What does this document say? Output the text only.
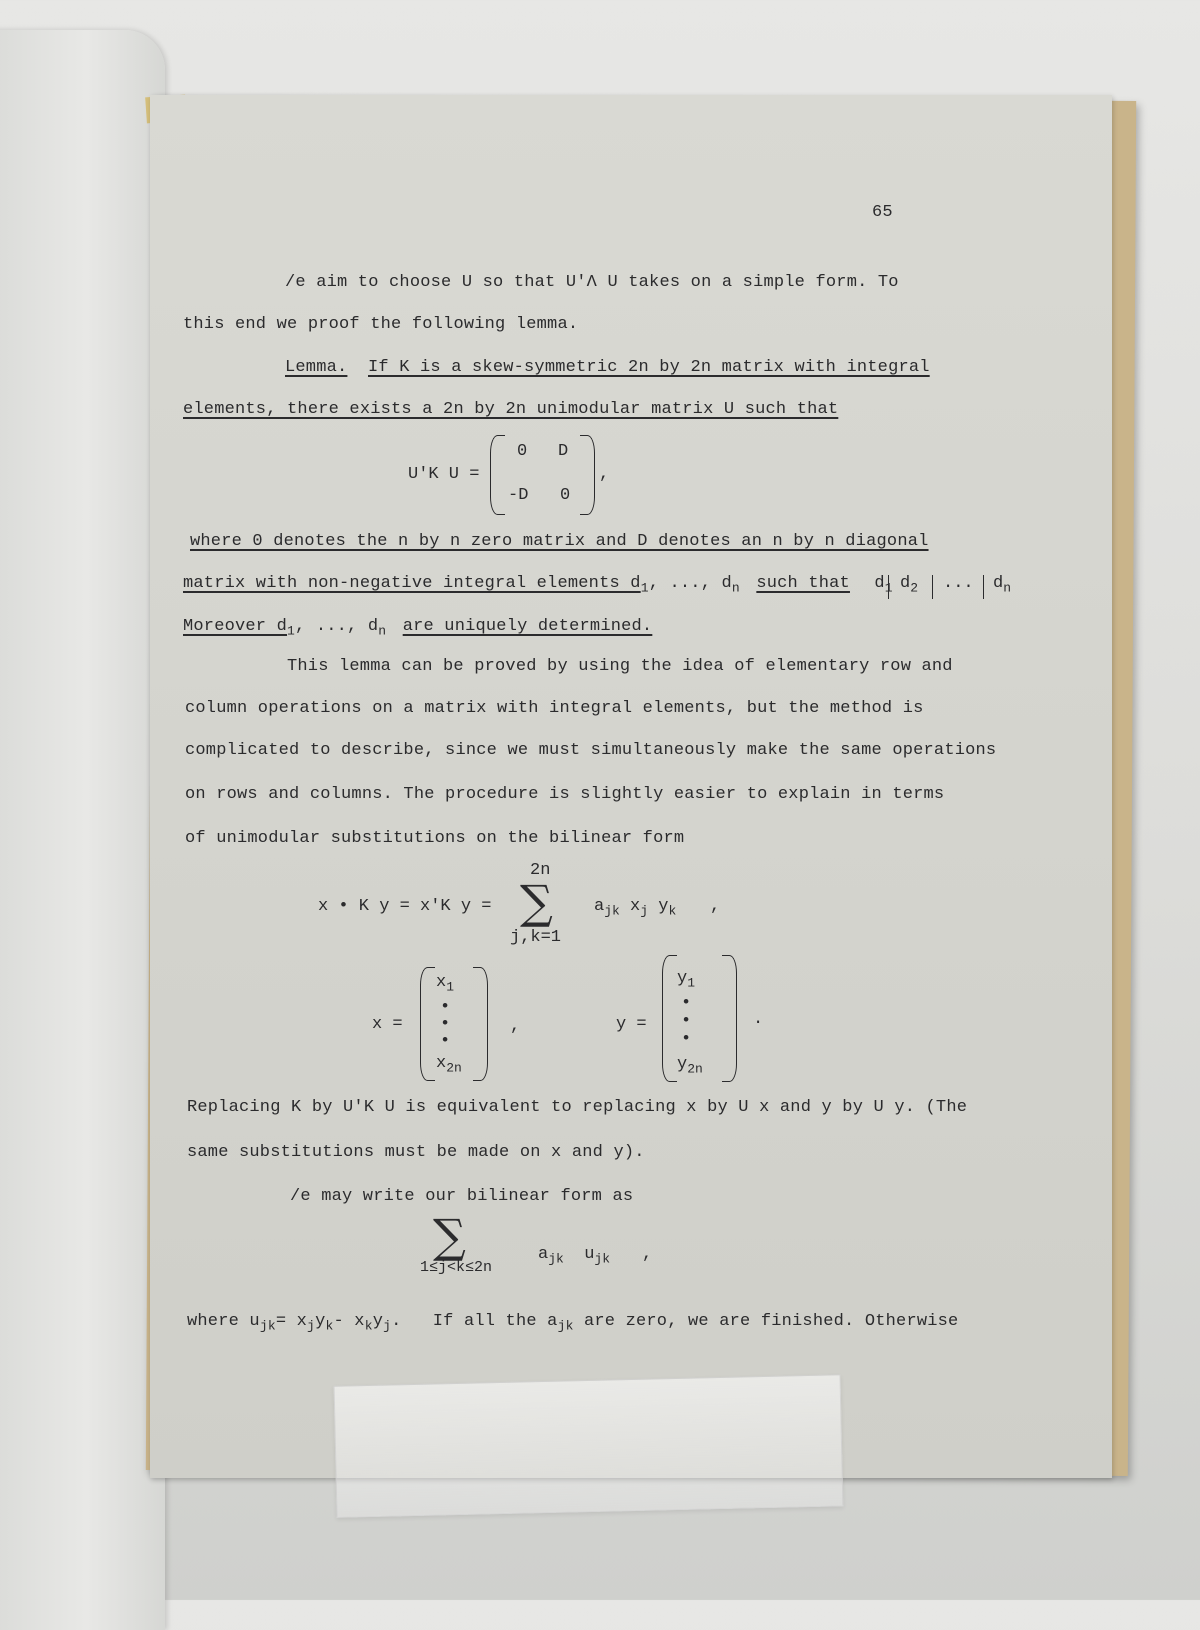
65
/e aim to choose U so that U'Λ U takes on a simple form. To
this end we proof the following lemma.
Lemma. If K is a skew-symmetric 2n by 2n matrix with integral
elements, there exists a 2n by 2n unimodular matrix U such that
U'K U =
0 D
-D 0
,
where 0 denotes the n by n zero matrix and D denotes an n by n diagonal
matrix with non-negative integral elements $d_1$, ..., $d_n$ such that $d_1$ $d_2$ ... $d_n$
Moreover $d_1$, ..., $d_n$ are uniquely determined.
This lemma can be proved by using the idea of elementary row and
column operations on a matrix with integral elements, but the method is
complicated to describe, since we must simultaneously make the same operations
on rows and columns. The procedure is slightly easier to explain in terms
of unimodular substitutions on the bilinear form
x • K y = x'K y =
2n
∑
j,k=1
$a_{jk}$ $x_j$ $y_k$ ,
x =
$x_1$
•
•
•
$x_{2n}$
,	y =
$y_1$
•
•
•
$y_{2n}$
.
Replacing K by U'K U is equivalent to replacing x by U x and y by U y. (The
same substitutions must be made on x and y).
/e may write our bilinear form as
∑
1≤j<k≤2n
$a_{jk}$ $u_{jk}$ ,
where $u_{jk}= x_jy_k-$ $x_ky_j$.   If all the $a_{jk}$ are zero, we are finished. Otherwise
